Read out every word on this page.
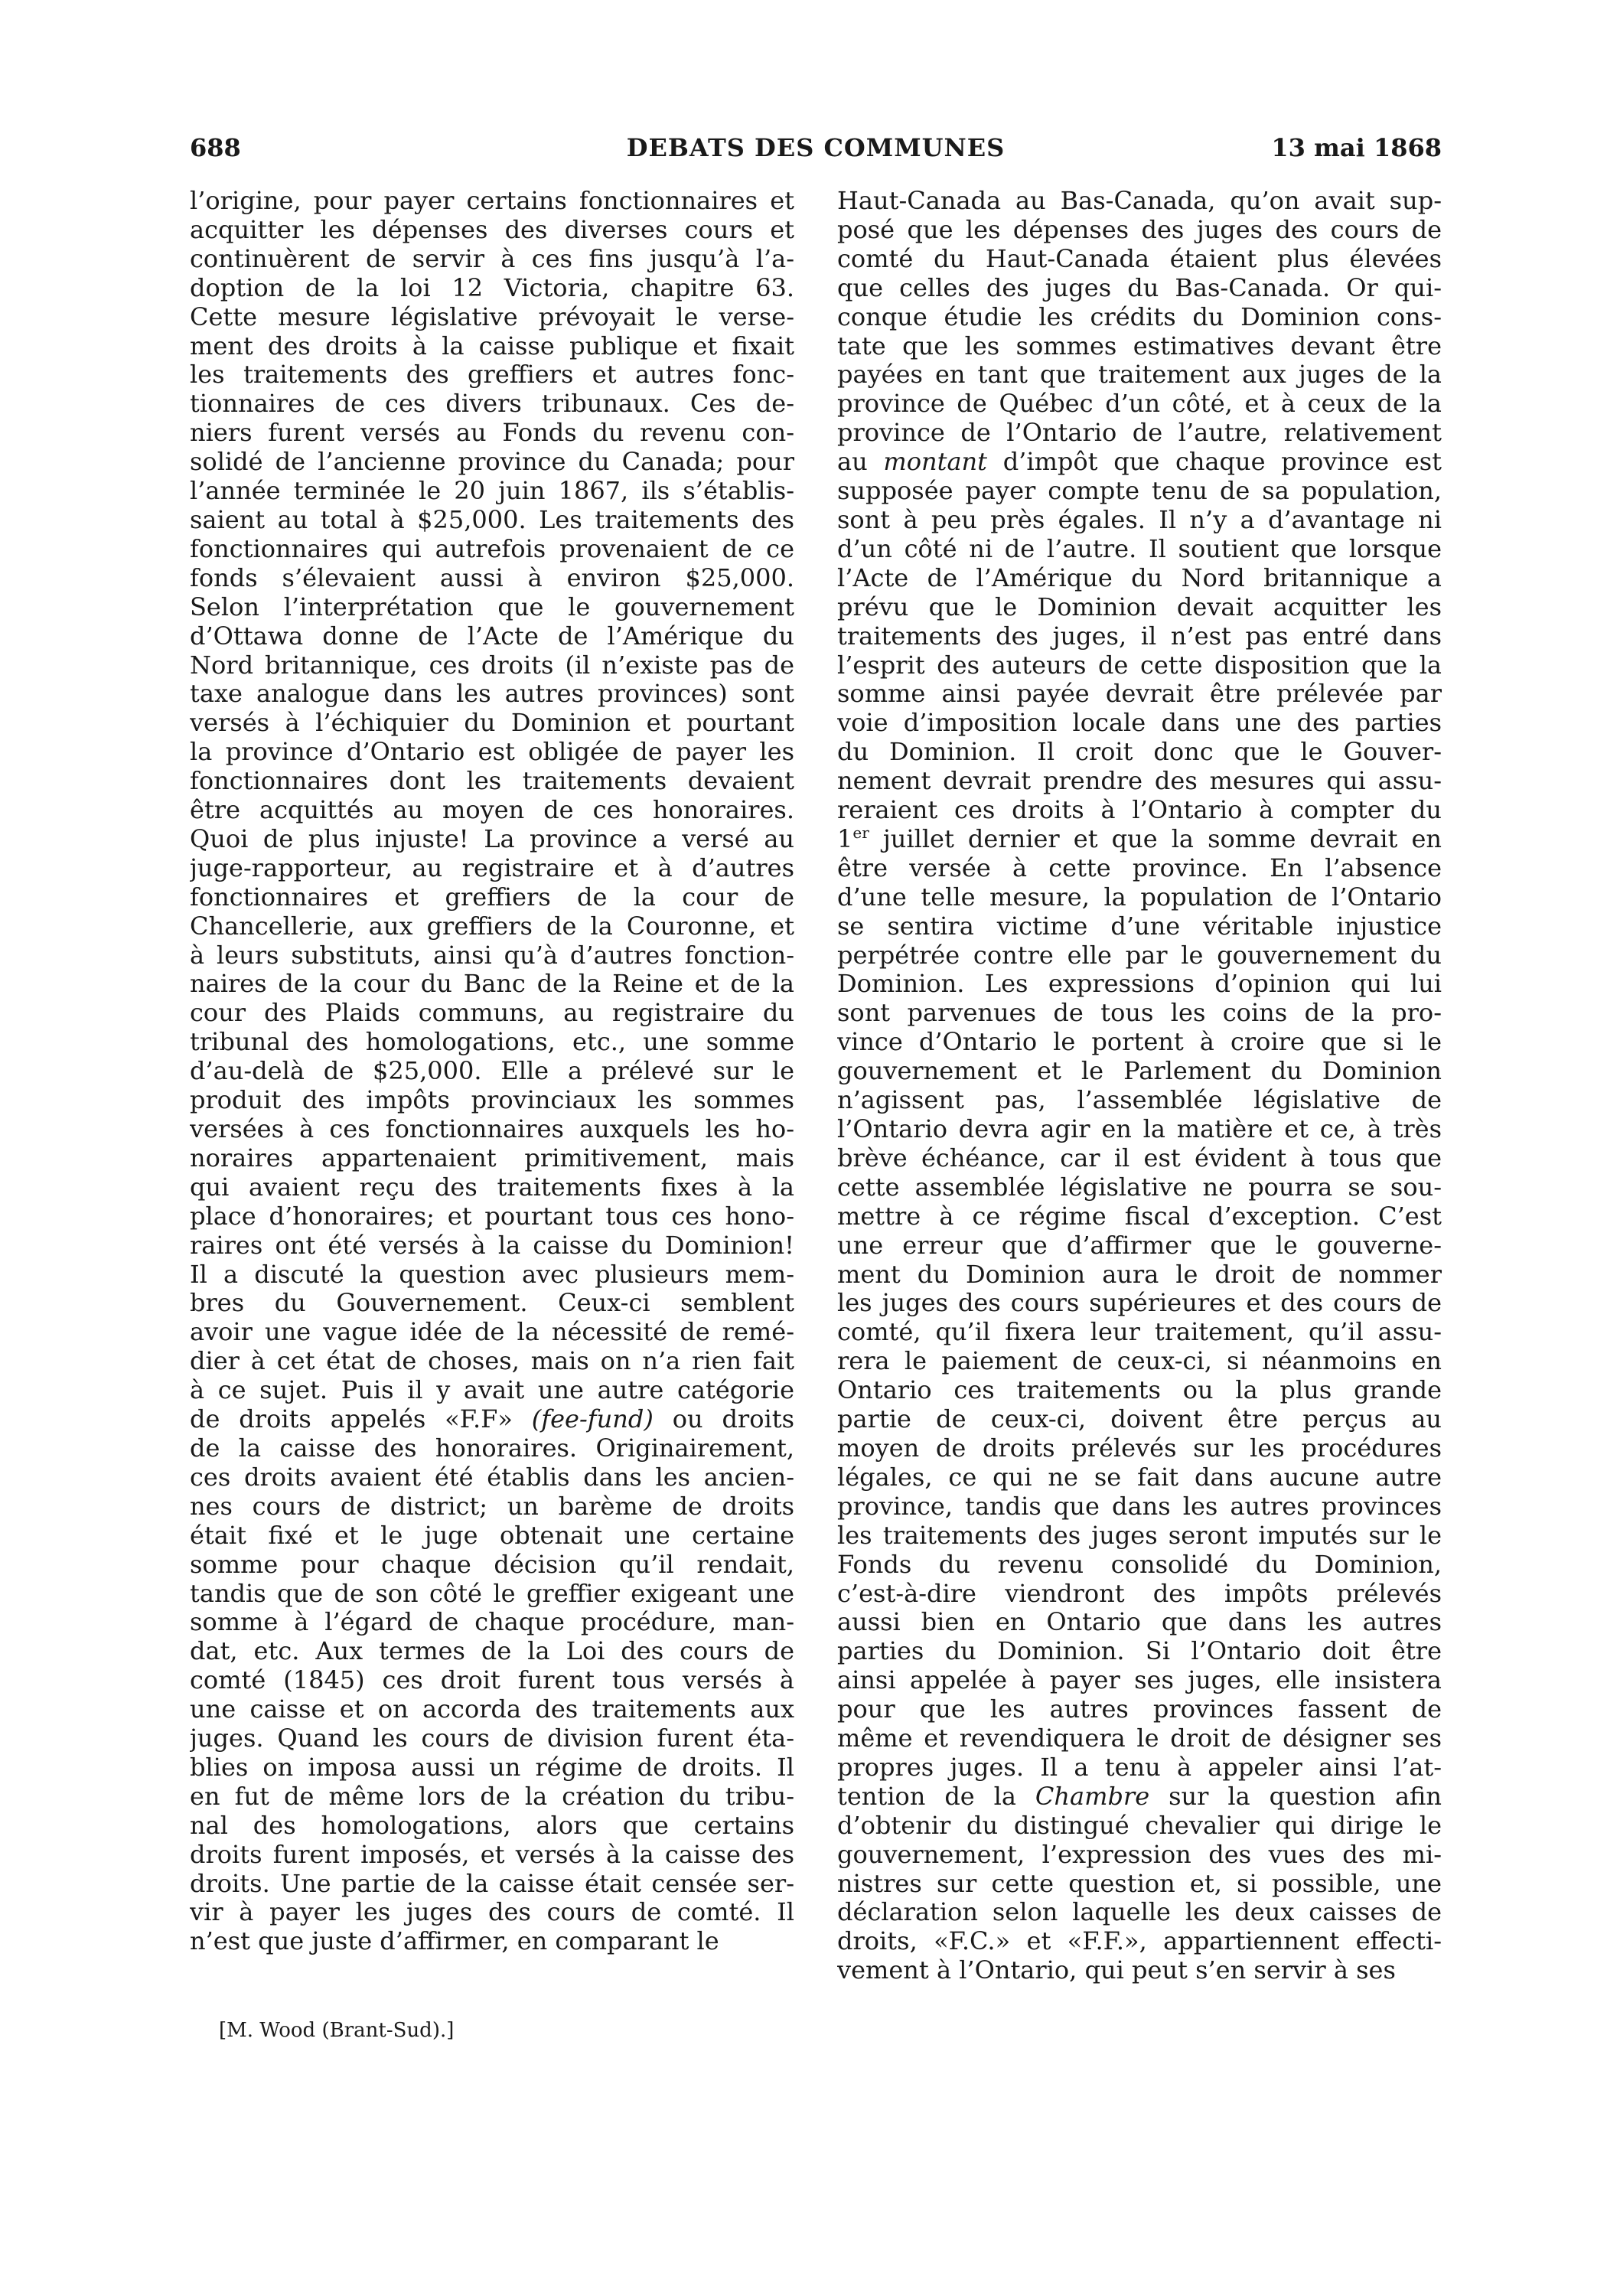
688	DEBATS DES COMMUNES	13 mai 1868
l’origine, pour payer certains fonctionnaires et
acquitter les dépenses des diverses cours et
continuèrent de servir à ces fins jusqu’à l’a-
doption de la loi 12 Victoria, chapitre 63.
Cette mesure législative prévoyait le verse-
ment des droits à la caisse publique et fixait
les traitements des greffiers et autres fonc-
tionnaires de ces divers tribunaux. Ces de-
niers furent versés au Fonds du revenu con-
solidé de l’ancienne province du Canada; pour
l’année terminée le 20 juin 1867, ils s’établis-
saient au total à $25,000. Les traitements des
fonctionnaires qui autrefois provenaient de ce
fonds s’élevaient aussi à environ $25,000.
Selon l’interprétation que le gouvernement
d’Ottawa donne de l’Acte de l’Amérique du
Nord britannique, ces droits (il n’existe pas de
taxe analogue dans les autres provinces) sont
versés à l’échiquier du Dominion et pourtant
la province d’Ontario est obligée de payer les
fonctionnaires dont les traitements devaient
être acquittés au moyen de ces honoraires.
Quoi de plus injuste! La province a versé au
juge-rapporteur, au registraire et à d’autres
fonctionnaires et greffiers de la cour de
Chancellerie, aux greffiers de la Couronne, et
à leurs substituts, ainsi qu’à d’autres fonction-
naires de la cour du Banc de la Reine et de la
cour des Plaids communs, au registraire du
tribunal des homologations, etc., une somme
d’au-delà de $25,000. Elle a prélevé sur le
produit des impôts provinciaux les sommes
versées à ces fonctionnaires auxquels les ho-
noraires appartenaient primitivement, mais
qui avaient reçu des traitements fixes à la
place d’honoraires; et pourtant tous ces hono-
raires ont été versés à la caisse du Dominion!
Il a discuté la question avec plusieurs mem-
bres du Gouvernement. Ceux-ci semblent
avoir une vague idée de la nécessité de remé-
dier à cet état de choses, mais on n’a rien fait
à ce sujet. Puis il y avait une autre catégorie
de droits appelés «F.F» (fee-fund) ou droits
de la caisse des honoraires. Originairement,
ces droits avaient été établis dans les ancien-
nes cours de district; un barème de droits
était fixé et le juge obtenait une certaine
somme pour chaque décision qu’il rendait,
tandis que de son côté le greffier exigeant une
somme à l’égard de chaque procédure, man-
dat, etc. Aux termes de la Loi des cours de
comté (1845) ces droit furent tous versés à
une caisse et on accorda des traitements aux
juges. Quand les cours de division furent éta-
blies on imposa aussi un régime de droits. Il
en fut de même lors de la création du tribu-
nal des homologations, alors que certains
droits furent imposés, et versés à la caisse des
droits. Une partie de la caisse était censée ser-
vir à payer les juges des cours de comté. Il
n’est que juste d’affirmer, en comparant le
Haut-Canada au Bas-Canada, qu’on avait sup-
posé que les dépenses des juges des cours de
comté du Haut-Canada étaient plus élevées
que celles des juges du Bas-Canada. Or qui-
conque étudie les crédits du Dominion cons-
tate que les sommes estimatives devant être
payées en tant que traitement aux juges de la
province de Québec d’un côté, et à ceux de la
province de l’Ontario de l’autre, relativement
au montant d’impôt que chaque province est
supposée payer compte tenu de sa population,
sont à peu près égales. Il n’y a d’avantage ni
d’un côté ni de l’autre. Il soutient que lorsque
l’Acte de l’Amérique du Nord britannique a
prévu que le Dominion devait acquitter les
traitements des juges, il n’est pas entré dans
l’esprit des auteurs de cette disposition que la
somme ainsi payée devrait être prélevée par
voie d’imposition locale dans une des parties
du Dominion. Il croit donc que le Gouver-
nement devrait prendre des mesures qui assu-
reraient ces droits à l’Ontario à compter du
1er juillet dernier et que la somme devrait en
être versée à cette province. En l’absence
d’une telle mesure, la population de l’Ontario
se sentira victime d’une véritable injustice
perpétrée contre elle par le gouvernement du
Dominion. Les expressions d’opinion qui lui
sont parvenues de tous les coins de la pro-
vince d’Ontario le portent à croire que si le
gouvernement et le Parlement du Dominion
n’agissent pas, l’assemblée législative de
l’Ontario devra agir en la matière et ce, à très
brève échéance, car il est évident à tous que
cette assemblée législative ne pourra se sou-
mettre à ce régime fiscal d’exception. C’est
une erreur que d’affirmer que le gouverne-
ment du Dominion aura le droit de nommer
les juges des cours supérieures et des cours de
comté, qu’il fixera leur traitement, qu’il assu-
rera le paiement de ceux-ci, si néanmoins en
Ontario ces traitements ou la plus grande
partie de ceux-ci, doivent être perçus au
moyen de droits prélevés sur les procédures
légales, ce qui ne se fait dans aucune autre
province, tandis que dans les autres provinces
les traitements des juges seront imputés sur le
Fonds du revenu consolidé du Dominion,
c’est-à-dire viendront des impôts prélevés
aussi bien en Ontario que dans les autres
parties du Dominion. Si l’Ontario doit être
ainsi appelée à payer ses juges, elle insistera
pour que les autres provinces fassent de
même et revendiquera le droit de désigner ses
propres juges. Il a tenu à appeler ainsi l’at-
tention de la Chambre sur la question afin
d’obtenir du distingué chevalier qui dirige le
gouvernement, l’expression des vues des mi-
nistres sur cette question et, si possible, une
déclaration selon laquelle les deux caisses de
droits, «F.C.» et «F.F.», appartiennent effecti-
vement à l’Ontario, qui peut s’en servir à ses
[M. Wood (Brant-Sud).]
